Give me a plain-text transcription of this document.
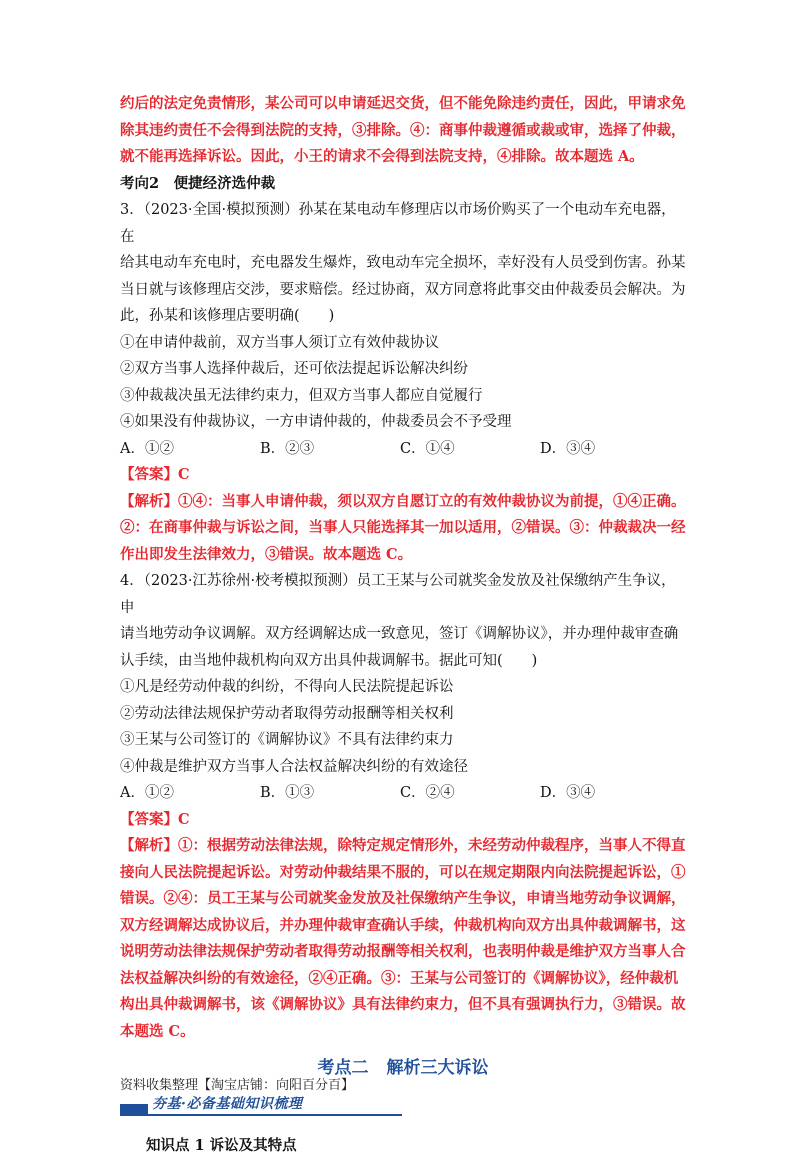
约后的法定免责情形，某公司可以申请延迟交货，但不能免除违约责任，因此，甲请求免

除其违约责任不会得到法院的支持，③排除。④：商事仲裁遵循或裁或审，选择了仲裁，

就不能再选择诉讼。因此，小王的请求不会得到法院支持，④排除。故本题选 A。

考向2　便捷经济选仲裁

3．（2023·全国·模拟预测）孙某在某电动车修理店以市场价购买了一个电动车充电器，在

给其电动车充电时，充电器发生爆炸，致电动车完全损坏，幸好没有人员受到伤害。孙某

当日就与该修理店交涉，要求赔偿。经过协商，双方同意将此事交由仲裁委员会解决。为

此，孙某和该修理店要明确(　　)

①在申请仲裁前，双方当事人须订立有效仲裁协议

②双方当事人选择仲裁后，还可依法提起诉讼解决纠纷

③仲裁裁决虽无法律约束力，但双方当事人都应自觉履行

④如果没有仲裁协议，一方申请仲裁的，仲裁委员会不予受理

A．①②	B．②③	C．①④	D．③④

【答案】C

【解析】①④：当事人申请仲裁，须以双方自愿订立的有效仲裁协议为前提，①④正确。

②：在商事仲裁与诉讼之间，当事人只能选择其一加以适用，②错误。③：仲裁裁决一经

作出即发生法律效力，③错误。故本题选 C。

4．（2023·江苏徐州·校考模拟预测）员工王某与公司就奖金发放及社保缴纳产生争议，申

请当地劳动争议调解。双方经调解达成一致意见，签订《调解协议》，并办理仲裁审查确

认手续，由当地仲裁机构向双方出具仲裁调解书。据此可知(　　)

①凡是经劳动仲裁的纠纷，不得向人民法院提起诉讼

②劳动法律法规保护劳动者取得劳动报酬等相关权利

③王某与公司签订的《调解协议》不具有法律约束力

④仲裁是维护双方当事人合法权益解决纠纷的有效途径

A．①②	B．①③	C．②④	D．③④

【答案】C

【解析】①：根据劳动法律法规，除特定规定情形外，未经劳动仲裁程序，当事人不得直

接向人民法院提起诉讼。对劳动仲裁结果不服的，可以在规定期限内向法院提起诉讼，①

错误。②④：员工王某与公司就奖金发放及社保缴纳产生争议，申请当地劳动争议调解，

双方经调解达成协议后，并办理仲裁审查确认手续，仲裁机构向双方出具仲裁调解书，这

说明劳动法律法规保护劳动者取得劳动报酬等相关权利，也表明仲裁是维护双方当事人合

法权益解决纠纷的有效途径，②④正确。③：王某与公司签订的《调解协议》，经仲裁机

构出具仲裁调解书，该《调解协议》具有法律约束力，但不具有强调执行力，③错误。故

本题选 C。

考点二 解析三大诉讼
夯基·必备基础知识梳理

知识点 1 诉讼及其特点

资料收集整理【淘宝店铺：向阳百分百】
